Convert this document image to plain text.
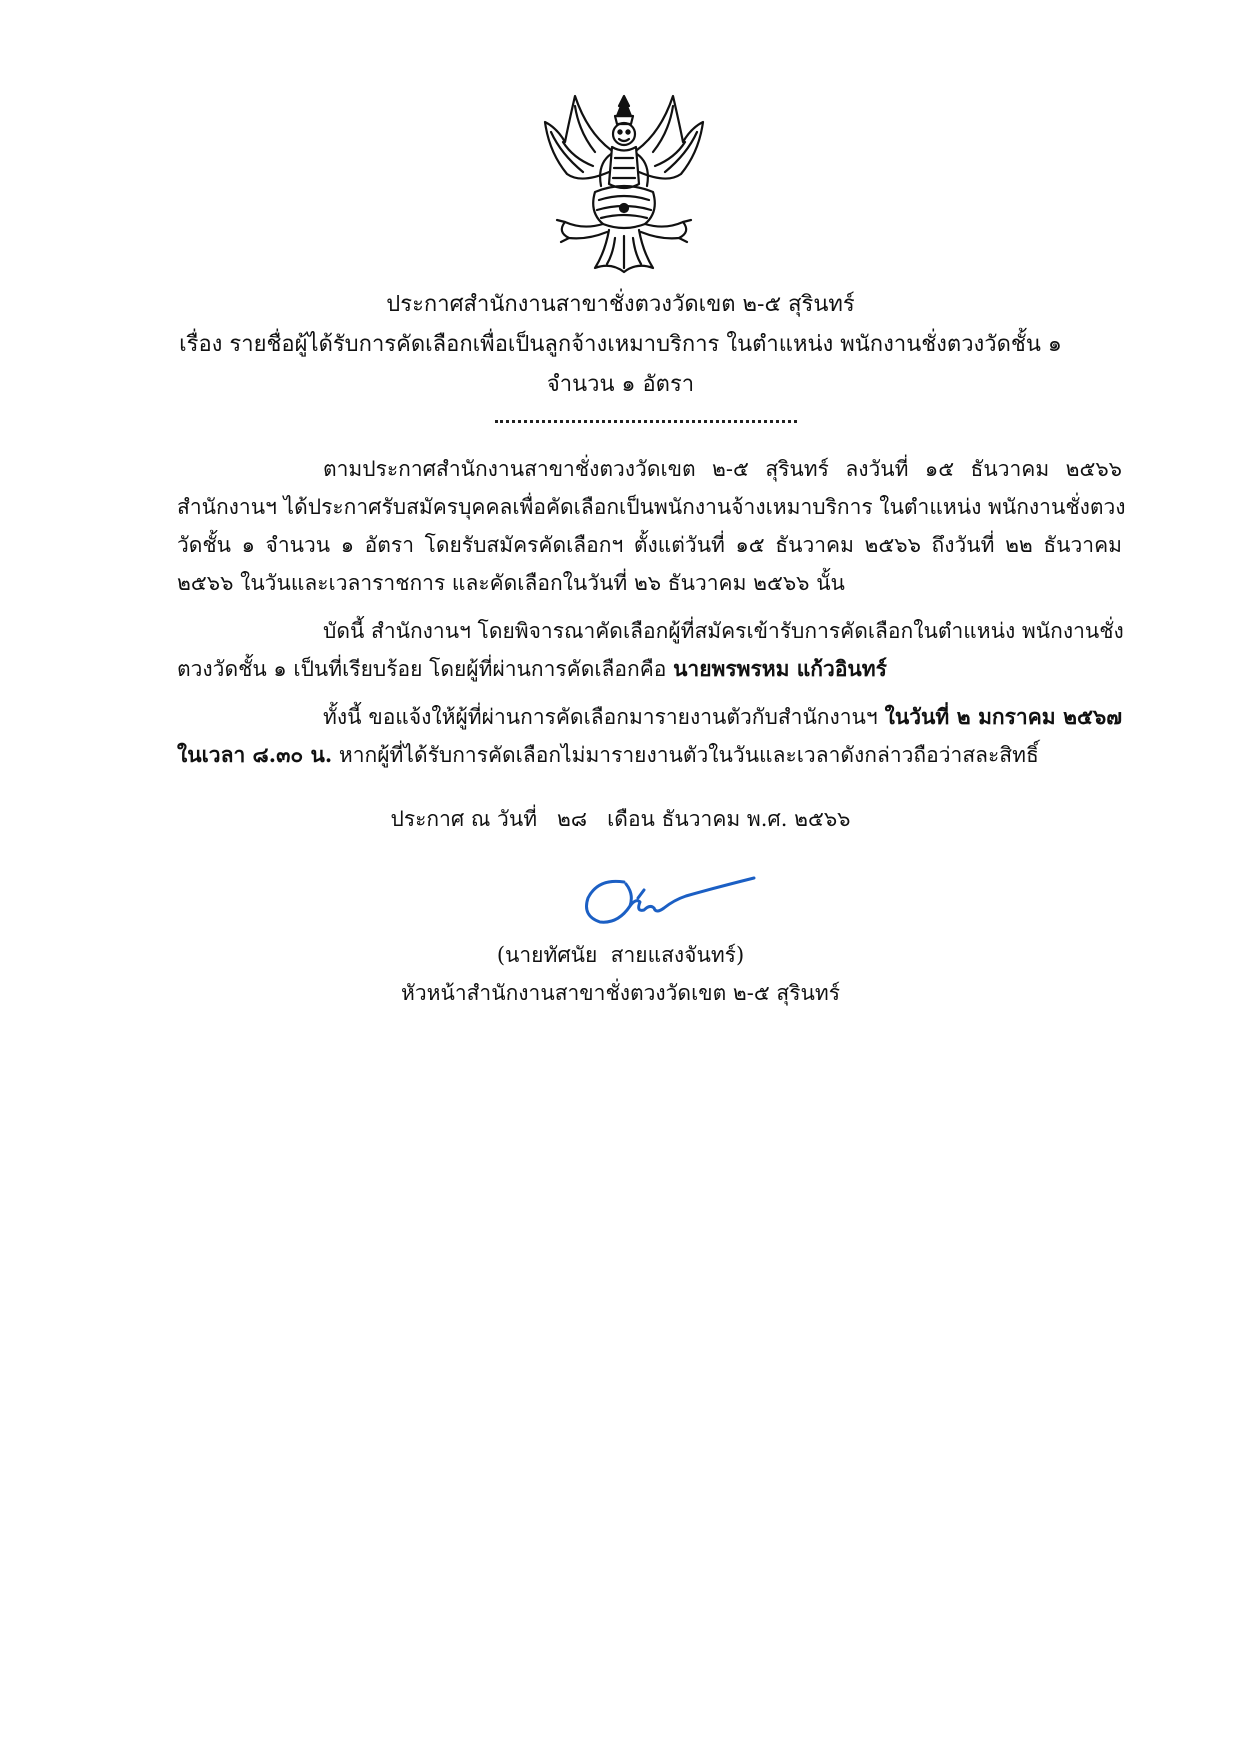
ประกาศสำนักงานสาขาชั่งตวงวัดเขต ๒-๕ สุรินทร์
เรื่อง รายชื่อผู้ได้รับการคัดเลือกเพื่อเป็นลูกจ้างเหมาบริการ ในตำแหน่ง พนักงานชั่งตวงวัดชั้น ๑
จำนวน ๑ อัตรา
ตามประกาศสำนักงานสาขาชั่งตวงวัดเขต ๒-๕ สุรินทร์ ลงวันที่ ๑๕ ธันวาคม ๒๕๖๖
สำนักงานฯ ได้ประกาศรับสมัครบุคคลเพื่อคัดเลือกเป็นพนักงานจ้างเหมาบริการ ในตำแหน่ง พนักงานชั่งตวง
วัดชั้น ๑ จำนวน ๑ อัตรา โดยรับสมัครคัดเลือกฯ ตั้งแต่วันที่ ๑๕ ธันวาคม ๒๕๖๖ ถึงวันที่ ๒๒ ธันวาคม
๒๕๖๖ ในวันและเวลาราชการ และคัดเลือกในวันที่ ๒๖ ธันวาคม ๒๕๖๖ นั้น
บัดนี้ สำนักงานฯ โดยพิจารณาคัดเลือกผู้ที่สมัครเข้ารับการคัดเลือกในตำแหน่ง พนักงานชั่ง
ตวงวัดชั้น ๑ เป็นที่เรียบร้อย โดยผู้ที่ผ่านการคัดเลือกคือ นายพรพรหม แก้วอินทร์
ทั้งนี้ ขอแจ้งให้ผู้ที่ผ่านการคัดเลือกมารายงานตัวกับสำนักงานฯ ในวันที่ ๒ มกราคม ๒๕๖๗
ในเวลา ๘.๓๐ น. หากผู้ที่ได้รับการคัดเลือกไม่มารายงานตัวในวันและเวลาดังกล่าวถือว่าสละสิทธิ์
ประกาศ ณ วันที่   ๒๘   เดือน ธันวาคม พ.ศ. ๒๕๖๖
(นายทัศนัย  สายแสงจันทร์)
หัวหน้าสำนักงานสาขาชั่งตวงวัดเขต ๒-๕ สุรินทร์
